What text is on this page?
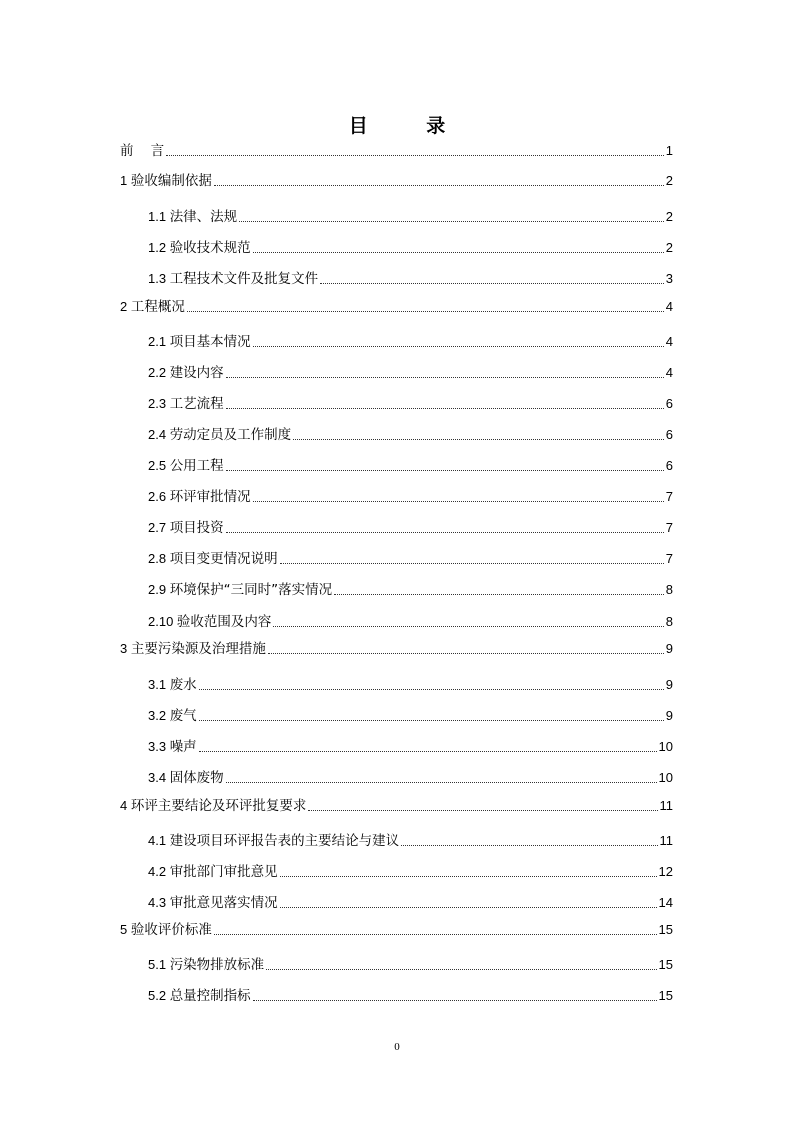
目 录
前    言	1
1 验收编制依据	2
1.1 法律、法规	2
1.2 验收技术规范	2
1.3 工程技术文件及批复文件	3
2 工程概况	4
2.1 项目基本情况	4
2.2 建设内容	4
2.3 工艺流程	6
2.4 劳动定员及工作制度	6
2.5 公用工程	6
2.6 环评审批情况	7
2.7 项目投资	7
2.8 项目变更情况说明	7
2.9 环境保护“三同时”落实情况	8
2.10 验收范围及内容	8
3 主要污染源及治理措施	9
3.1 废水	9
3.2 废气	9
3.3 噪声	10
3.4 固体废物	10
4 环评主要结论及环评批复要求	11
4.1 建设项目环评报告表的主要结论与建议	11
4.2 审批部门审批意见	12
4.3 审批意见落实情况	14
5 验收评价标准	15
5.1 污染物排放标准	15
5.2 总量控制指标	15
0
